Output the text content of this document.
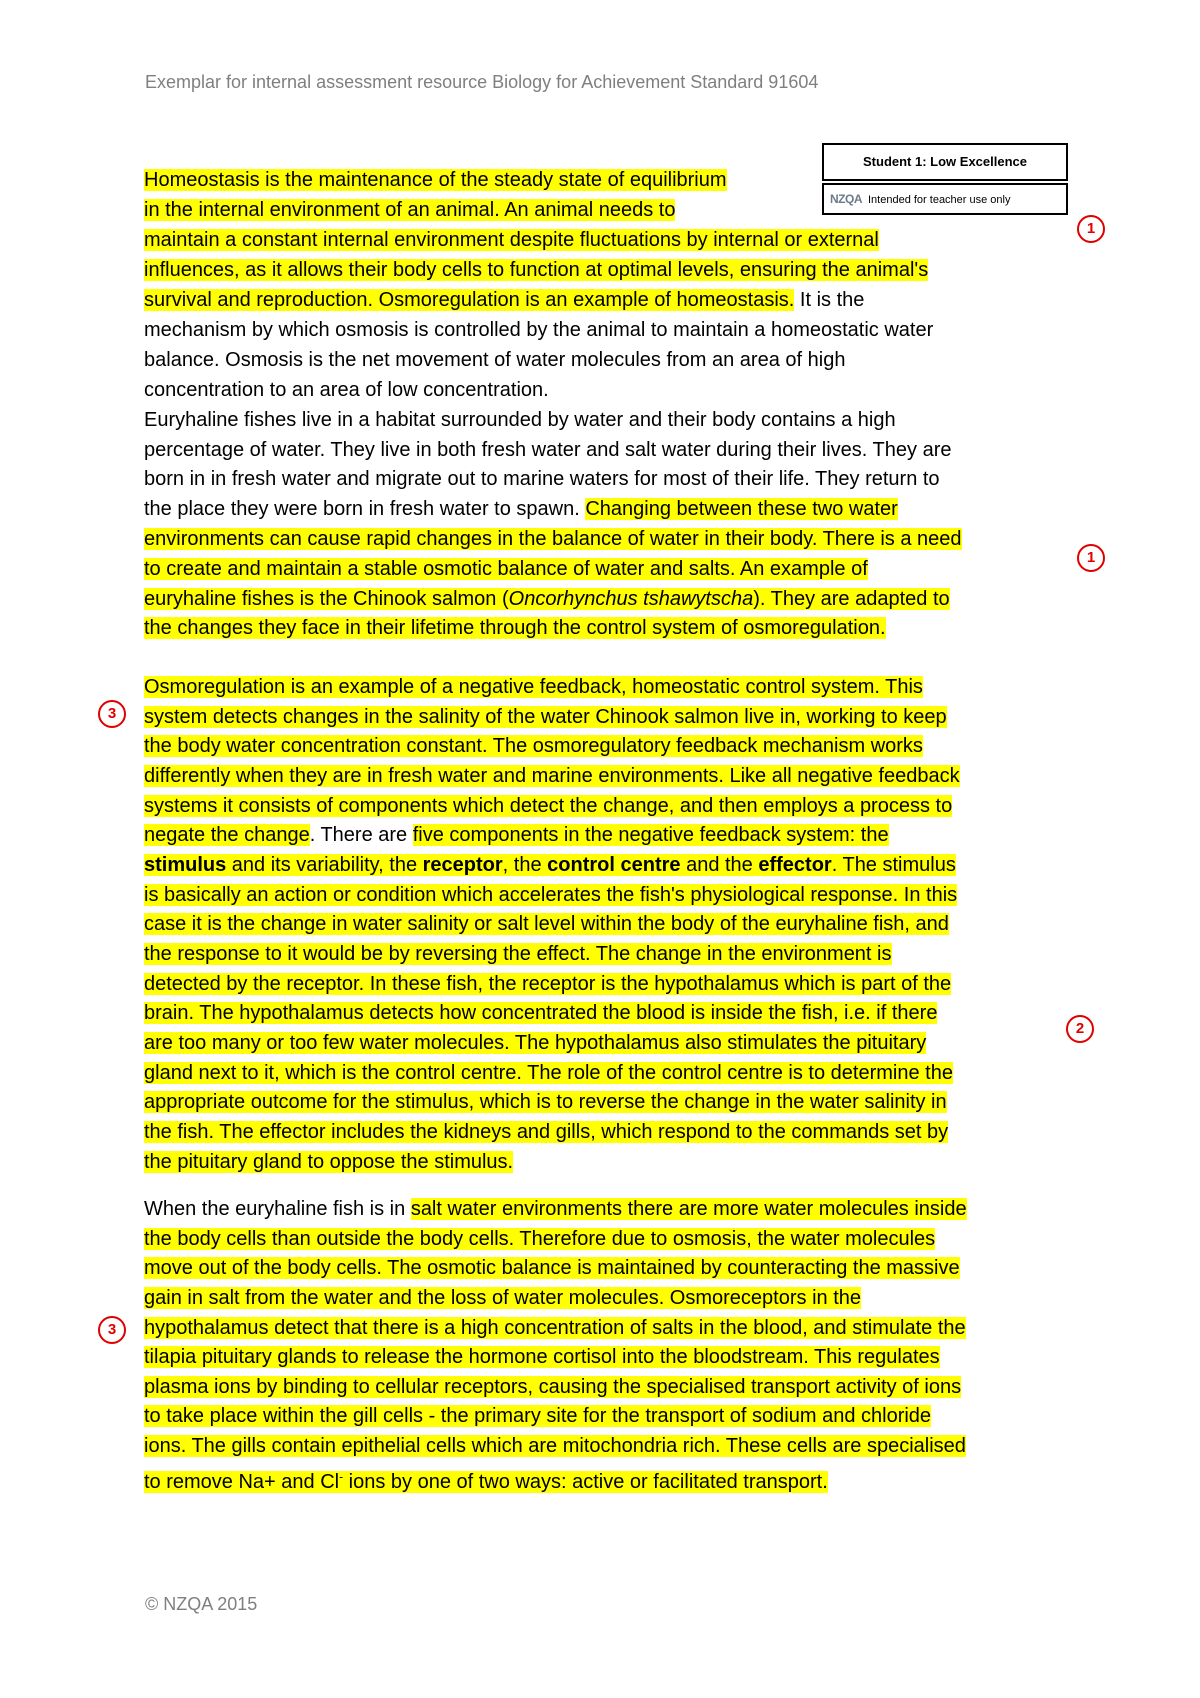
Exemplar for internal assessment resource Biology for Achievement Standard 91604
Student 1: Low Excellence
NZQA Intended for teacher use only
1
1
3
2
3
Homeostasis is the maintenance of the steady state of equilibrium
in the internal environment of an animal. An animal needs to
maintain a constant internal environment despite fluctuations by internal or external
influences, as it allows their body cells to function at optimal levels, ensuring the animal's
survival and reproduction. Osmoregulation is an example of homeostasis. It is the
mechanism by which osmosis is controlled by the animal to maintain a homeostatic water
balance. Osmosis is the net movement of water molecules from an area of high
concentration to an area of low concentration.
Euryhaline fishes live in a habitat surrounded by water and their body contains a high
percentage of water. They live in both fresh water and salt water during their lives. They are
born in in fresh water and migrate out to marine waters for most of their life. They return to
the place they were born in fresh water to spawn. Changing between these two water
environments can cause rapid changes in the balance of water in their body. There is a need
to create and maintain a stable osmotic balance of water and salts. An example of
euryhaline fishes is the Chinook salmon (Oncorhynchus tshawytscha). They are adapted to
the changes they face in their lifetime through the control system of osmoregulation.
Osmoregulation is an example of a negative feedback, homeostatic control system. This
system detects changes in the salinity of the water Chinook salmon live in, working to keep
the body water concentration constant. The osmoregulatory feedback mechanism works
differently when they are in fresh water and marine environments. Like all negative feedback
systems it consists of components which detect the change, and then employs a process to
negate the change. There are five components in the negative feedback system: the
stimulus and its variability, the receptor, the control centre and the effector. The stimulus
is basically an action or condition which accelerates the fish's physiological response. In this
case it is the change in water salinity or salt level within the body of the euryhaline fish, and
the response to it would be by reversing the effect. The change in the environment is
detected by the receptor. In these fish, the receptor is the hypothalamus which is part of the
brain. The hypothalamus detects how concentrated the blood is inside the fish, i.e. if there
are too many or too few water molecules. The hypothalamus also stimulates the pituitary
gland next to it, which is the control centre. The role of the control centre is to determine the
appropriate outcome for the stimulus, which is to reverse the change in the water salinity in
the fish. The effector includes the kidneys and gills, which respond to the commands set by
the pituitary gland to oppose the stimulus.
When the euryhaline fish is in salt water environments there are more water molecules inside
the body cells than outside the body cells. Therefore due to osmosis, the water molecules
move out of the body cells. The osmotic balance is maintained by counteracting the massive
gain in salt from the water and the loss of water molecules. Osmoreceptors in the
hypothalamus detect that there is a high concentration of salts in the blood, and stimulate the
tilapia pituitary glands to release the hormone cortisol into the bloodstream. This regulates
plasma ions by binding to cellular receptors, causing the specialised transport activity of ions
to take place within the gill cells - the primary site for the transport of sodium and chloride
ions. The gills contain epithelial cells which are mitochondria rich. These cells are specialised
to remove Na+ and Cl- ions by one of two ways: active or facilitated transport.
© NZQA 2015
